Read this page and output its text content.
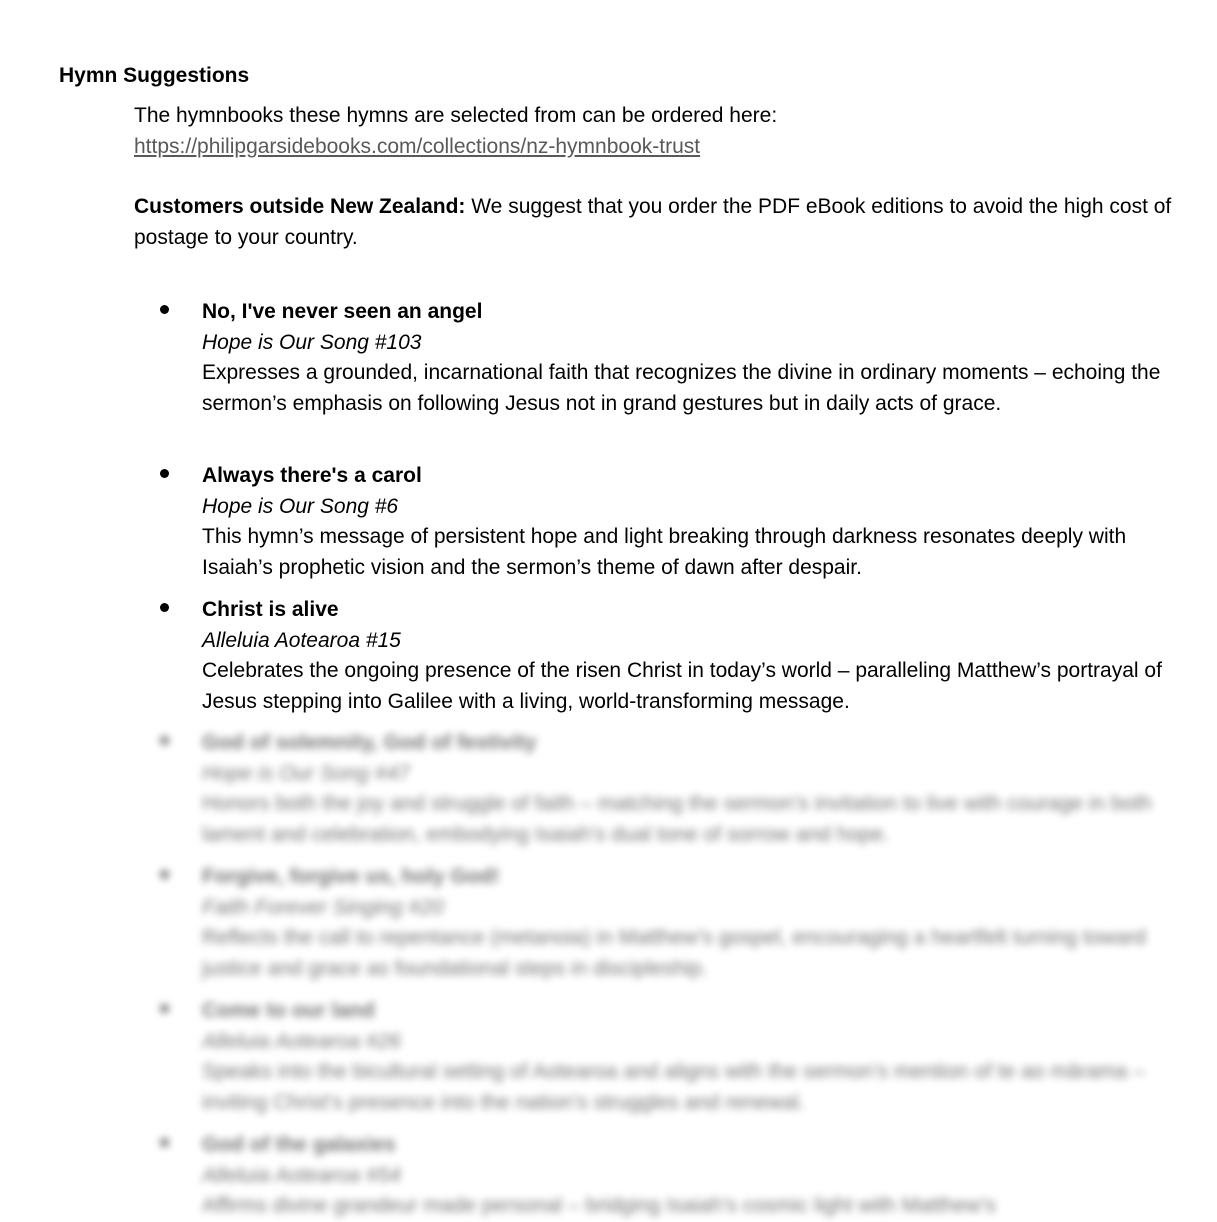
Hymn Suggestions
The hymnbooks these hymns are selected from can be ordered here:
https://philipgarsidebooks.com/collections/nz-hymnbook-trust
Customers outside New Zealand: We suggest that you order the PDF eBook editions to avoid the high cost of postage to your country.
No, I've never seen an angel
Hope is Our Song #103
Expresses a grounded, incarnational faith that recognizes the divine in ordinary moments – echoing the sermon’s emphasis on following Jesus not in grand gestures but in daily acts of grace.
Always there's a carol
Hope is Our Song #6
This hymn’s message of persistent hope and light breaking through darkness resonates deeply with Isaiah’s prophetic vision and the sermon’s theme of dawn after despair.
Christ is alive
Alleluia Aotearoa #15
Celebrates the ongoing presence of the risen Christ in today’s world – paralleling Matthew’s portrayal of Jesus stepping into Galilee with a living, world-transforming message.
God of solemnity, God of festivity
Hope is Our Song #47
Honors both the joy and struggle of faith – matching the sermon’s invitation to live with courage in both lament and celebration, embodying Isaiah’s dual tone of sorrow and hope.
Forgive, forgive us, holy God!
Faith Forever Singing #20
Reflects the call to repentance (metanoia) in Matthew’s gospel, encouraging a heartfelt turning toward justice and grace as foundational steps in discipleship.
Come to our land
Alleluia Aotearoa #26
Speaks into the bicultural setting of Aotearoa and aligns with the sermon’s mention of te ao mārama – inviting Christ’s presence into the nation’s struggles and renewal.
God of the galaxies
Alleluia Aotearoa #54
Affirms divine grandeur made personal – bridging Isaiah’s cosmic light with Matthew’s
